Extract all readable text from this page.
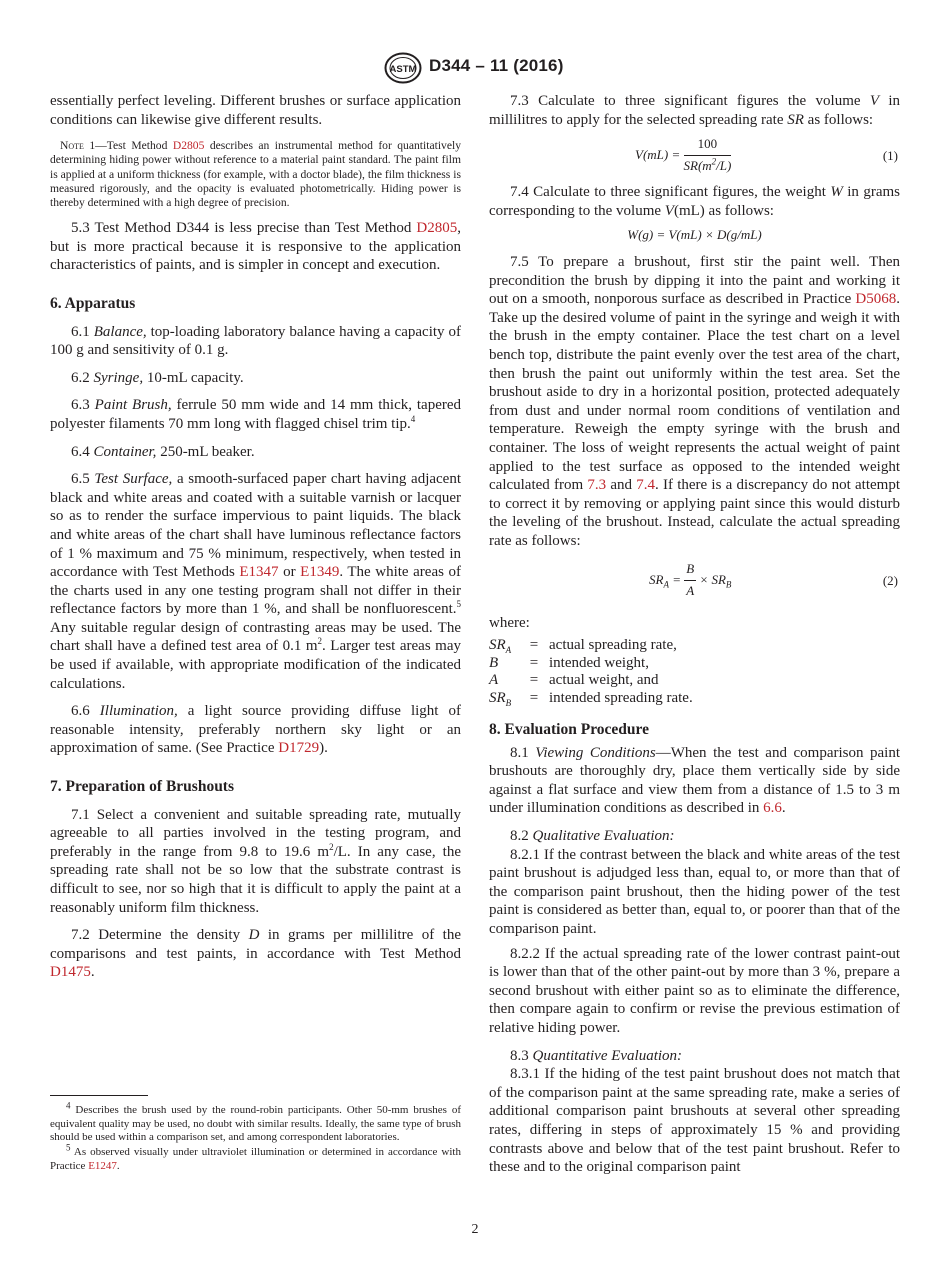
ASTM D344 – 11 (2016)

essentially perfect leveling. Different brushes or surface application conditions can likewise give different results.

Note 1—Test Method D2805 describes an instrumental method for quantitatively determining hiding power without reference to a material paint standard. The paint film is applied at a uniform thickness (for example, with a doctor blade), the film thickness is measured rigorously, and the opacity is evaluated photometrically. Hiding power is thereby determined with a high degree of precision.

5.3 Test Method D344 is less precise than Test Method D2805, but is more practical because it is responsive to the application characteristics of paints, and is simpler in concept and execution.

6. Apparatus

6.1 Balance, top-loading laboratory balance having a capacity of 100 g and sensitivity of 0.1 g.

6.2 Syringe, 10-mL capacity.

6.3 Paint Brush, ferrule 50 mm wide and 14 mm thick, tapered polyester filaments 70 mm long with flagged chisel trim tip.$^4$

6.4 Container, 250-mL beaker.

6.5 Test Surface, a smooth-surfaced paper chart having adjacent black and white areas and coated with a suitable varnish or lacquer so as to render the surface impervious to paint liquids. The black and white areas of the chart shall have luminous reflectance factors of 1 % maximum and 75 % minimum, respectively, when tested in accordance with Test Methods E1347 or E1349. The white areas of the charts used in any one testing program shall not differ in their reflectance factors by more than 1 %, and shall be nonfluorescent.$^5$ Any suitable regular design of contrasting areas may be used. The chart shall have a defined test area of 0.1 $m^2$. Larger test areas may be used if available, with appropriate modification of the indicated calculations.

6.6 Illumination, a light source providing diffuse light of reasonable intensity, preferably northern sky light or an approximation of same. (See Practice D1729).

7. Preparation of Brushouts

7.1 Select a convenient and suitable spreading rate, mutually agreeable to all parties involved in the testing program, and preferably in the range from 9.8 to 19.6 $m^2/L$. In any case, the spreading rate shall not be so low that the substrate contrast is difficult to see, nor so high that it is difficult to apply the paint at a reasonably uniform film thickness.

7.2 Determine the density D in grams per millilitre of the comparisons and test paints, in accordance with Test Method D1475.

$^4$ Describes the brush used by the round-robin participants. Other 50-mm brushes of equivalent quality may be used, no doubt with similar results. Ideally, the same type of brush should be used within a comparison set, and among correspondent laboratories.

$^5$ As observed visually under ultraviolet illumination or determined in accordance with Practice E1247.

7.3 Calculate to three significant figures the volume V in millilitres to apply for the selected spreading rate SR as follows:

$V(mL) = \frac{100}{SR(m^2/L)}$	(1)

7.4 Calculate to three significant figures, the weight W in grams corresponding to the volume V(mL) as follows:

W(g) = V(mL) × D(g/mL)

7.5 To prepare a brushout, first stir the paint well. Then precondition the brush by dipping it into the paint and working it out on a smooth, nonporous surface as described in Practice D5068. Take up the desired volume of paint in the syringe and weigh it with the brush in the empty container. Place the test chart on a level bench top, distribute the paint evenly over the test area of the chart, then brush the paint out uniformly within the test area. Set the brushout aside to dry in a horizontal position, protected adequately from dust and under normal room conditions of ventilation and temperature. Reweigh the empty syringe with the brush and container. The loss of weight represents the actual weight of paint applied to the test surface as opposed to the intended weight calculated from 7.3 and 7.4. If there is a discrepancy do not attempt to correct it by removing or applying paint since this would disturb the leveling of the brushout. Instead, calculate the actual spreading rate as follows:

$SR_A = \frac{B}{A} \times SR_B$	(2)
where:
$SR_A$	= actual spreading rate,
B	= intended weight,
A	= actual weight, and
$SR_B$	= intended spreading rate.
8. Evaluation Procedure

8.1 Viewing Conditions—When the test and comparison paint brushouts are thoroughly dry, place them vertically side by side against a flat surface and view them from a distance of 1.5 to 3 m under illumination conditions as described in 6.6.

8.2 Qualitative Evaluation:

8.2.1 If the contrast between the black and white areas of the test paint brushout is adjudged less than, equal to, or more than that of the comparison paint brushout, then the hiding power of the test paint is considered as better than, equal to, or poorer than that of the comparison paint.

8.2.2 If the actual spreading rate of the lower contrast paint-out is lower than that of the other paint-out by more than 3 %, prepare a second brushout with either paint so as to eliminate the difference, then compare again to confirm or revise the previous estimation of relative hiding power.

8.3 Quantitative Evaluation:

8.3.1 If the hiding of the test paint brushout does not match that of the comparison paint at the same spreading rate, make a series of additional comparison paint brushouts at several other spreading rates, differing in steps of approximately 15 % and providing contrasts above and below that of the test paint brushout. Refer to these and to the original comparison paint

2
